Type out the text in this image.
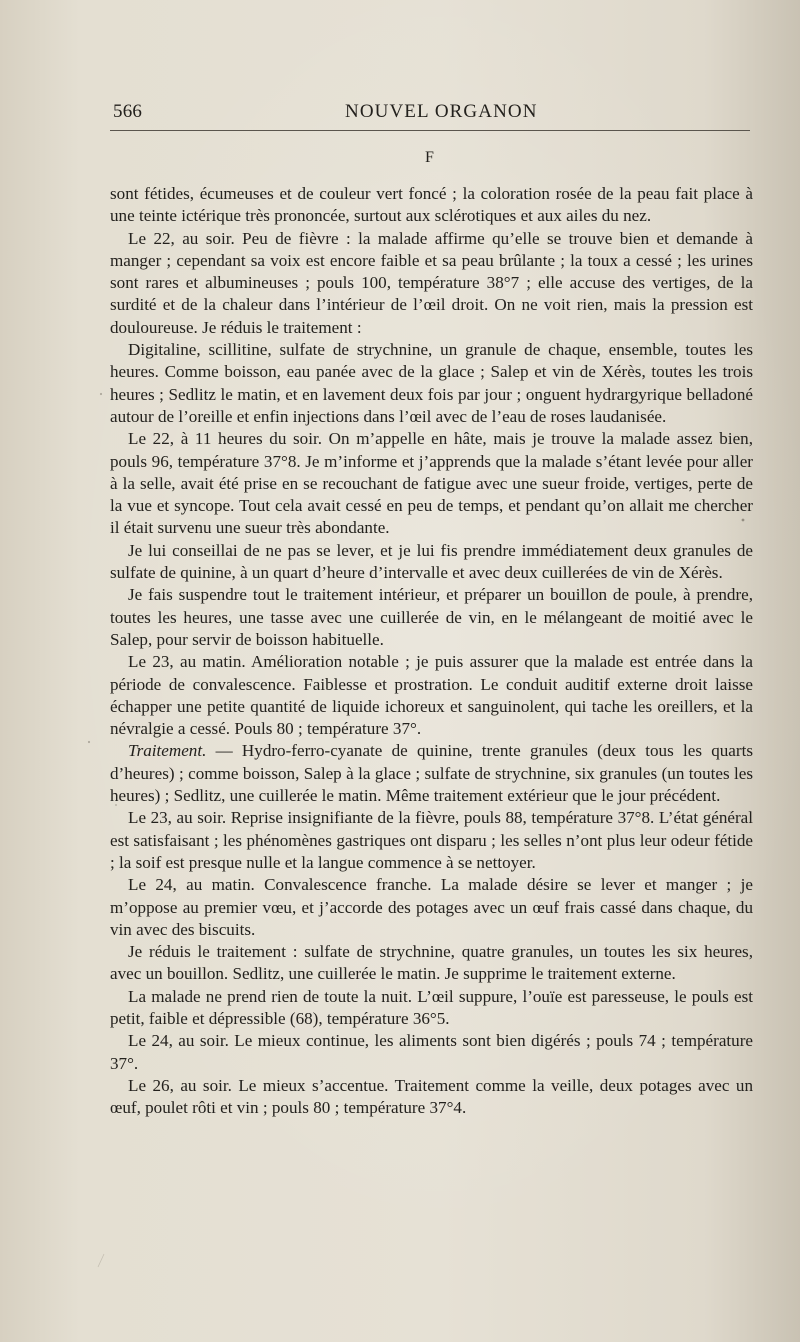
566	NOUVEL ORGANON
F

sont fétides, écumeuses et de couleur vert foncé ; la coloration rosée de la peau fait place à une teinte ictérique très prononcée, surtout aux sclérotiques et aux ailes du nez.

Le 22, au soir. Peu de fièvre : la malade affirme qu’elle se trouve bien et demande à manger ; cependant sa voix est encore faible et sa peau brûlante ; la toux a cessé ; les urines sont rares et albumineuses ; pouls 100, température 38°7 ; elle accuse des vertiges, de la surdité et de la chaleur dans l’intérieur de l’œil droit. On ne voit rien, mais la pression est douloureuse. Je réduis le traitement :

Digitaline, scillitine, sulfate de strychnine, un granule de chaque, ensemble, toutes les heures. Comme boisson, eau panée avec de la glace ; Salep et vin de Xérès, toutes les trois heures ; Sedlitz le matin, et en lavement deux fois par jour ; onguent hydrargyrique belladoné autour de l’oreille et enfin injections dans l’œil avec de l’eau de roses laudanisée.

Le 22, à 11 heures du soir. On m’appelle en hâte, mais je trouve la malade assez bien, pouls 96, température 37°8. Je m’informe et j’apprends que la malade s’étant levée pour aller à la selle, avait été prise en se recouchant de fatigue avec une sueur froide, vertiges, perte de la vue et syncope. Tout cela avait cessé en peu de temps, et pendant qu’on allait me chercher il était survenu une sueur très abondante.

Je lui conseillai de ne pas se lever, et je lui fis prendre immédiatement deux granules de sulfate de quinine, à un quart d’heure d’intervalle et avec deux cuillerées de vin de Xérès.

Je fais suspendre tout le traitement intérieur, et préparer un bouillon de poule, à prendre, toutes les heures, une tasse avec une cuillerée de vin, en le mélangeant de moitié avec le Salep, pour servir de boisson habituelle.

Le 23, au matin. Amélioration notable ; je puis assurer que la malade est entrée dans la période de convalescence. Faiblesse et prostration. Le conduit auditif externe droit laisse échapper une petite quantité de liquide ichoreux et sanguinolent, qui tache les oreillers, et la névralgie a cessé. Pouls 80 ; température 37°.

Traitement. — Hydro-ferro-cyanate de quinine, trente granules (deux tous les quarts d’heures) ; comme boisson, Salep à la glace ; sulfate de strychnine, six granules (un toutes les heures) ; Sedlitz, une cuillerée le matin. Même traitement extérieur que le jour précédent.

Le 23, au soir. Reprise insignifiante de la fièvre, pouls 88, température 37°8. L’état général est satisfaisant ; les phénomènes gastriques ont disparu ; les selles n’ont plus leur odeur fétide ; la soif est presque nulle et la langue commence à se nettoyer.

Le 24, au matin. Convalescence franche. La malade désire se lever et manger ; je m’oppose au premier vœu, et j’accorde des potages avec un œuf frais cassé dans chaque, du vin avec des biscuits.

Je réduis le traitement : sulfate de strychnine, quatre granules, un toutes les six heures, avec un bouillon. Sedlitz, une cuillerée le matin. Je supprime le traitement externe.

La malade ne prend rien de toute la nuit. L’œil suppure, l’ouïe est paresseuse, le pouls est petit, faible et dépressible (68), température 36°5.

Le 24, au soir. Le mieux continue, les aliments sont bien digérés ; pouls 74 ; température 37°.

Le 26, au soir. Le mieux s’accentue. Traitement comme la veille, deux potages avec un œuf, poulet rôti et vin ; pouls 80 ; température 37°4.
